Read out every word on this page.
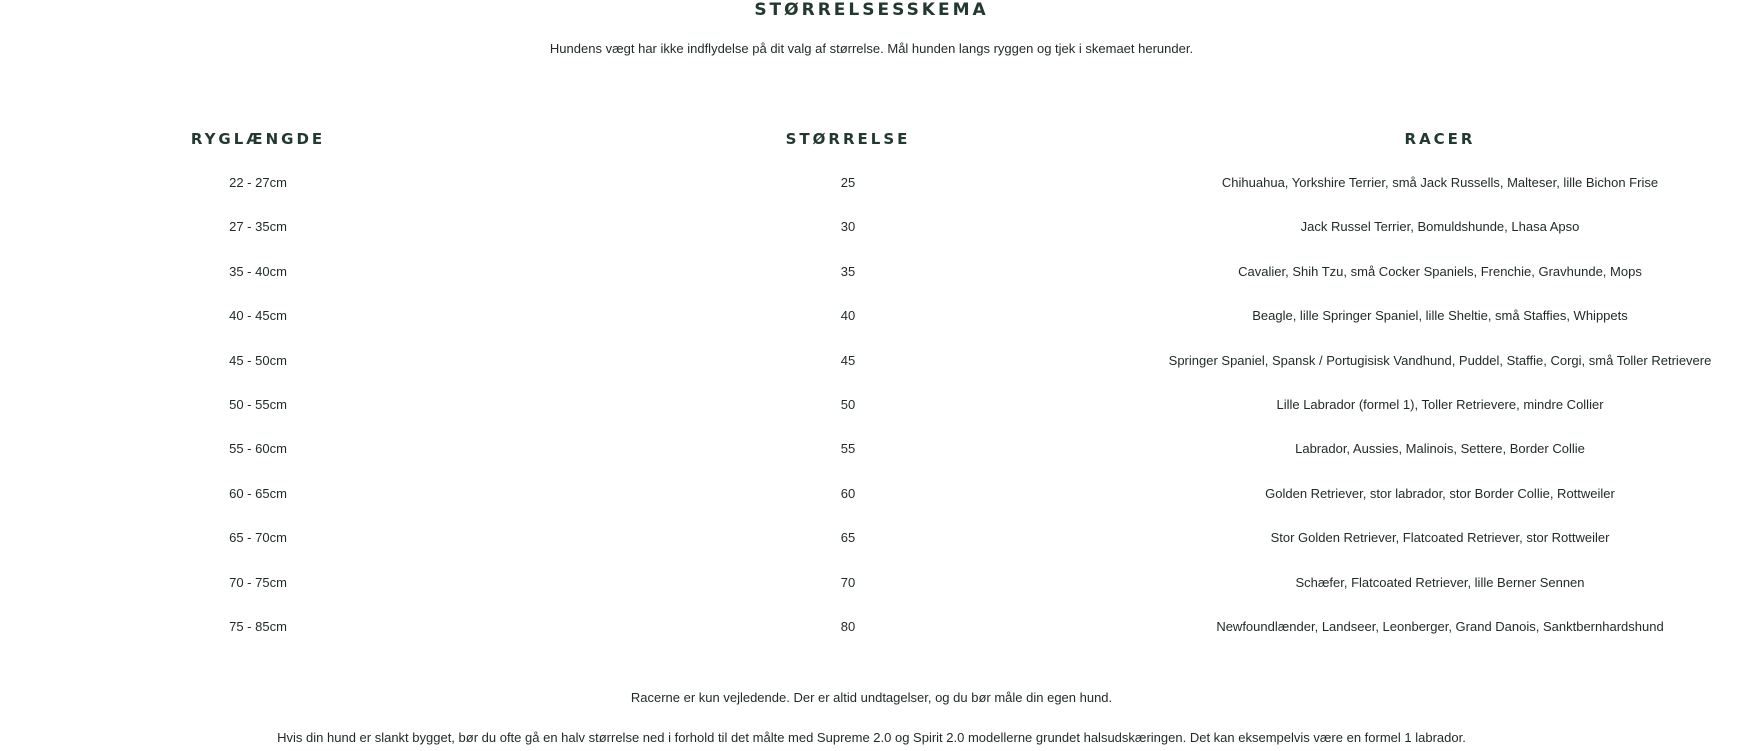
STØRRELSESSKEMA
Hundens vægt har ikke indflydelse på dit valg af størrelse. Mål hunden langs ryggen og tjek i skemaet herunder.
RYGLÆNGDE	STØRRELSE	RACER
22 - 27cm	25	Chihuahua, Yorkshire Terrier, små Jack Russells, Malteser, lille Bichon Frise
27 - 35cm	30	Jack Russel Terrier, Bomuldshunde, Lhasa Apso
35 - 40cm	35	Cavalier, Shih Tzu, små Cocker Spaniels, Frenchie, Gravhunde, Mops
40 - 45cm	40	Beagle, lille Springer Spaniel, lille Sheltie, små Staffies, Whippets
45 - 50cm	45	Springer Spaniel, Spansk / Portugisisk Vandhund, Puddel, Staffie, Corgi, små Toller Retrievere
50 - 55cm	50	Lille Labrador (formel 1), Toller Retrievere, mindre Collier
55 - 60cm	55	Labrador, Aussies, Malinois, Settere, Border Collie
60 - 65cm	60	Golden Retriever, stor labrador, stor Border Collie, Rottweiler
65 - 70cm	65	Stor Golden Retriever, Flatcoated Retriever, stor Rottweiler
70 - 75cm	70	Schæfer, Flatcoated Retriever, lille Berner Sennen
75 - 85cm	80	Newfoundlænder, Landseer, Leonberger, Grand Danois, Sanktbernhardshund
Racerne er kun vejledende. Der er altid undtagelser, og du bør måle din egen hund.
Hvis din hund er slankt bygget, bør du ofte gå en halv størrelse ned i forhold til det målte med Supreme 2.0 og Spirit 2.0 modellerne grundet halsudskæringen. Det kan eksempelvis være en formel 1 labrador.
